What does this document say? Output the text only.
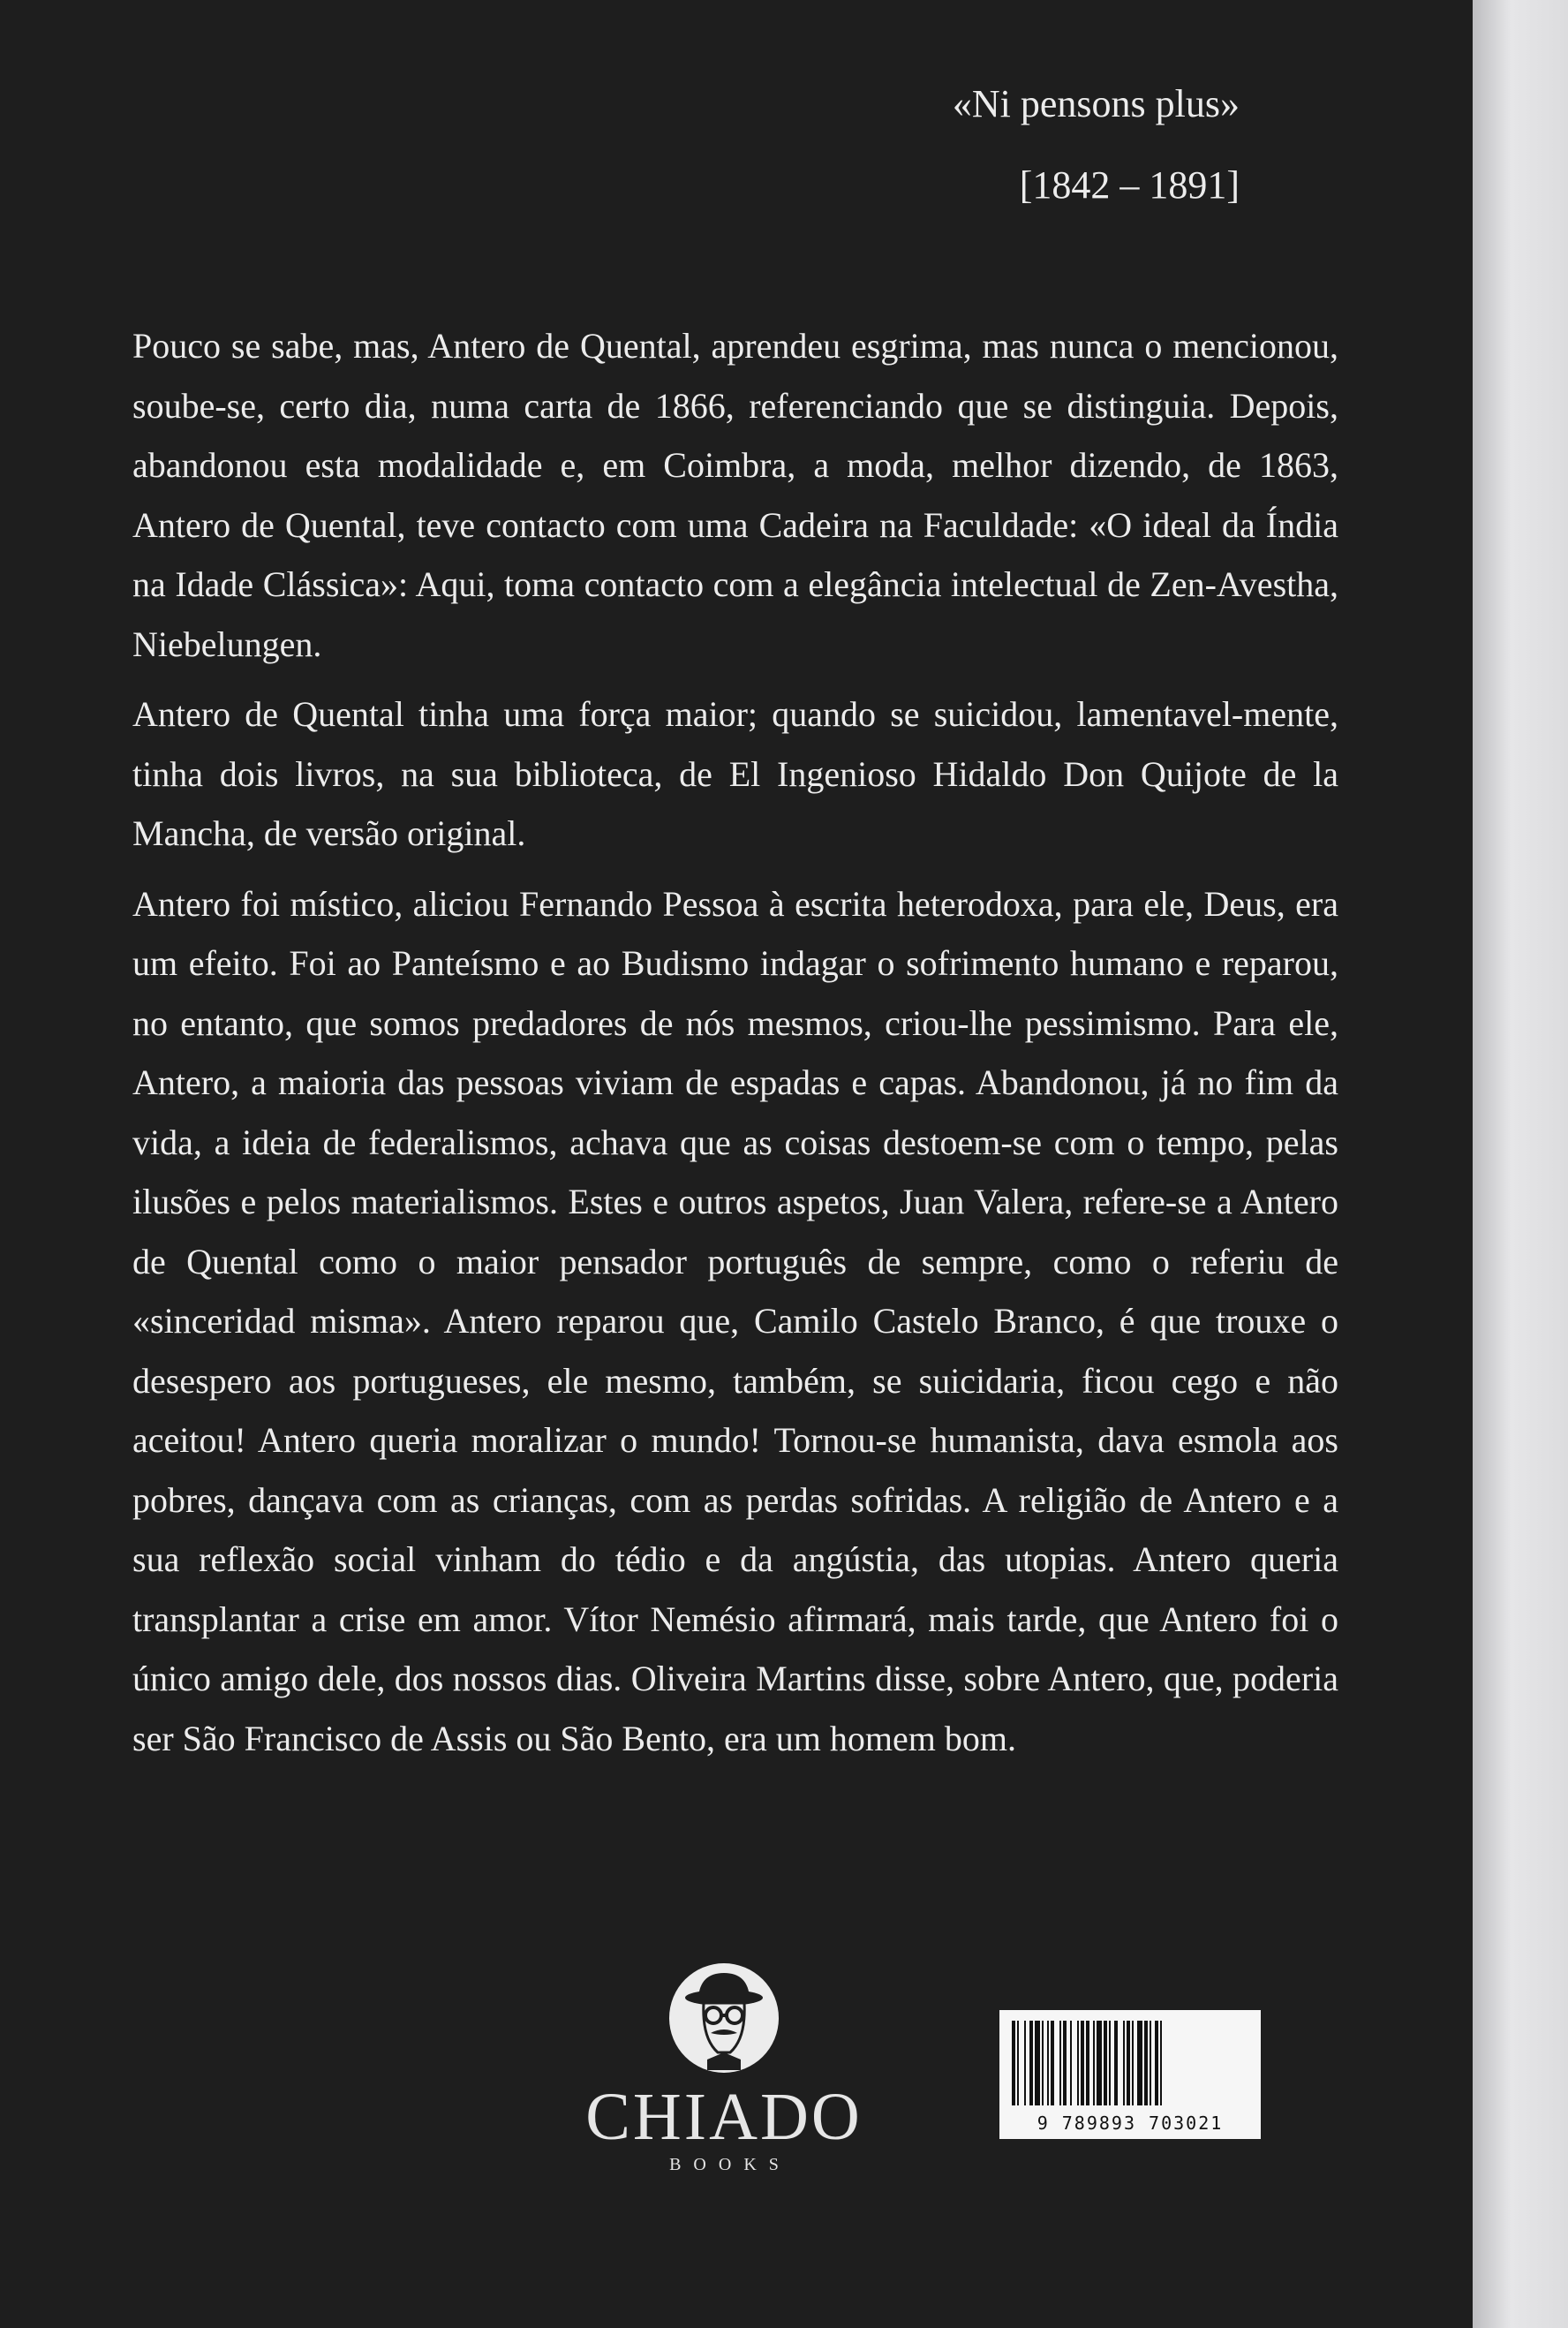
«Ni pensons plus»
[1842 – 1891]

Pouco se sabe, mas, Antero de Quental, aprendeu esgrima, mas nunca o mencionou, soube-se, certo dia, numa carta de 1866, referenciando que se distinguia. Depois, abandonou esta modalidade e, em Coimbra, a moda, melhor dizendo, de 1863, Antero de Quental, teve contacto com uma Cadeira na Faculdade: «O ideal da Índia na Idade Clássica»: Aqui, toma contacto com a elegância intelectual de Zen-Avestha, Niebelungen.

Antero de Quental tinha uma força maior; quando se suicidou, lamentavel-mente, tinha dois livros, na sua biblioteca, de El Ingenioso Hidaldo Don Quijote de la Mancha, de versão original.

Antero foi místico, aliciou Fernando Pessoa à escrita heterodoxa, para ele, Deus, era um efeito. Foi ao Panteísmo e ao Budismo indagar o sofrimento humano e reparou, no entanto, que somos predadores de nós mesmos, criou-lhe pessimismo. Para ele, Antero, a maioria das pessoas viviam de espadas e capas. Abandonou, já no fim da vida, a ideia de federalismos, achava que as coisas destoem-se com o tempo, pelas ilusões e pelos materialismos. Estes e outros aspetos, Juan Valera, refere-se a Antero de Quental como o maior pensador português de sempre, como o referiu de «sinceridad misma». Antero reparou que, Camilo Castelo Branco, é que trouxe o desespero aos portugueses, ele mesmo, também, se suicidaria, ficou cego e não aceitou! Antero queria moralizar o mundo! Tornou-se humanista, dava esmola aos pobres, dançava com as crianças, com as perdas sofridas. A religião de Antero e a sua reflexão social vinham do tédio e da angústia, das utopias. Antero queria transplantar a crise em amor. Vítor Nemésio afirmará, mais tarde, que Antero foi o único amigo dele, dos nossos dias. Oliveira Martins disse, sobre Antero, que, poderia ser São Francisco de Assis ou São Bento, era um homem bom.

CHIADO
BOOKS
9 789893 703021
